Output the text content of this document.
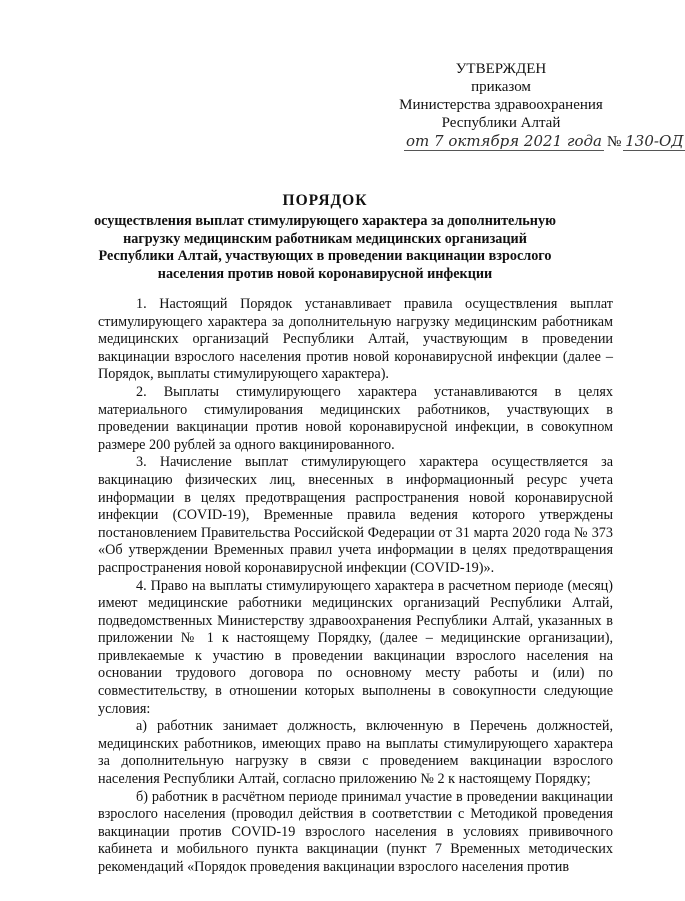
УТВЕРЖДЕН
приказом
Министерства здравоохранения
Республики Алтай
от 7 октября 2021 года № 130-ОД
ПОРЯДОК
осуществления выплат стимулирующего характера за дополнительную нагрузку медицинским работникам медицинских организаций Республики Алтай, участвующих в проведении вакцинации взрослого населения против новой коронавирусной инфекции

1. Настоящий Порядок устанавливает правила осуществления выплат стимулирующего характера за дополнительную нагрузку медицинским работникам медицинских организаций Республики Алтай, участвующим в проведении вакцинации взрослого населения против новой коронавирусной инфекции (далее – Порядок, выплаты стимулирующего характера).

2. Выплаты стимулирующего характера устанавливаются в целях материального стимулирования медицинских работников, участвующих в проведении вакцинации против новой коронавирусной инфекции, в совокупном размере 200 рублей за одного вакцинированного.

3. Начисление выплат стимулирующего характера осуществляется за вакцинацию физических лиц, внесенных в информационный ресурс учета информации в целях предотвращения распространения новой коронавирусной инфекции (COVID-19), Временные правила ведения которого утверждены постановлением Правительства Российской Федерации от 31 марта 2020 года № 373 «Об утверждении Временных правил учета информации в целях предотвращения распространения новой коронавирусной инфекции (COVID-19)».

4. Право на выплаты стимулирующего характера в расчетном периоде (месяц) имеют медицинские работники медицинских организаций Республики Алтай, подведомственных Министерству здравоохранения Республики Алтай, указанных в приложении № 1 к настоящему Порядку, (далее – медицинские организации), привлекаемые к участию в проведении вакцинации взрослого населения на основании трудового договора по основному месту работы и (или) по совместительству, в отношении которых выполнены в совокупности следующие условия:

а) работник занимает должность, включенную в Перечень должностей, медицинских работников, имеющих право на выплаты стимулирующего характера за дополнительную нагрузку в связи с проведением вакцинации взрослого населения Республики Алтай, согласно приложению № 2 к настоящему Порядку;

б) работник в расчётном периоде принимал участие в проведении вакцинации взрослого населения (проводил действия в соответствии с Методикой проведения вакцинации против COVID-19 взрослого населения в условиях прививочного кабинета и мобильного пункта вакцинации (пункт 7 Временных методических рекомендаций «Порядок проведения вакцинации взрослого населения против
